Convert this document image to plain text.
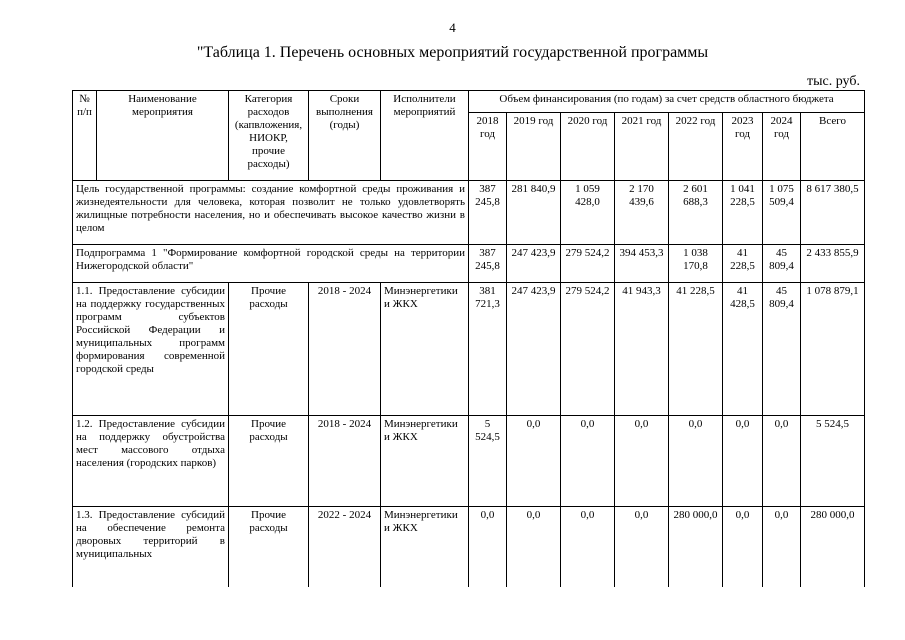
4
"Таблица 1. Перечень основных мероприятий государственной программы
тыс. руб.
№ п/п	Наименование мероприятия	Категория расходов (капвложения, НИОКР, прочие расходы)	Сроки выполнения (годы)	Исполнители мероприятий	Объем финансирования (по годам) за счет средств областного бюджета							
					2018 год	2019 год	2020 год	2021 год	2022 год	2023 год	2024 год	Всего
Цель государственной программы: создание комфортной среды проживания и жизнедеятельности для человека, которая позволит не только удовлетворять жилищные потребности населения, но и обеспечивать высокое качество жизни в целом					387 245,8	281 840,9	1 059 428,0	2 170 439,6	2 601 688,3	1 041 228,5	1 075 509,4	8 617 380,5
Подпрограмма 1 "Формирование комфортной городской среды на территории Нижегородской области"					387 245,8	247 423,9	279 524,2	394 453,3	1 038 170,8	41 228,5	45 809,4	2 433 855,9
1.1. Предоставление субсидии на поддержку государственных программ субъектов Российской Федерации и муниципальных программ формирования современной городской среды		Прочие расходы	2018 - 2024	Минэнергетики и ЖКХ	381 721,3	247 423,9	279 524,2	41 943,3	41 228,5	41 428,5	45 809,4	1 078 879,1
1.2. Предоставление субсидии на поддержку обустройства мест массового отдыха населения (городских парков)		Прочие расходы	2018 - 2024	Минэнергетики и ЖКХ	5 524,5	0,0	0,0	0,0	0,0	0,0	0,0	5 524,5
1.3. Предоставление субсидий на обеспечение ремонта дворовых территорий в муниципальных		Прочие расходы	2022 - 2024	Минэнергетики и ЖКХ	0,0	0,0	0,0	0,0	280 000,0	0,0	0,0	280 000,0
